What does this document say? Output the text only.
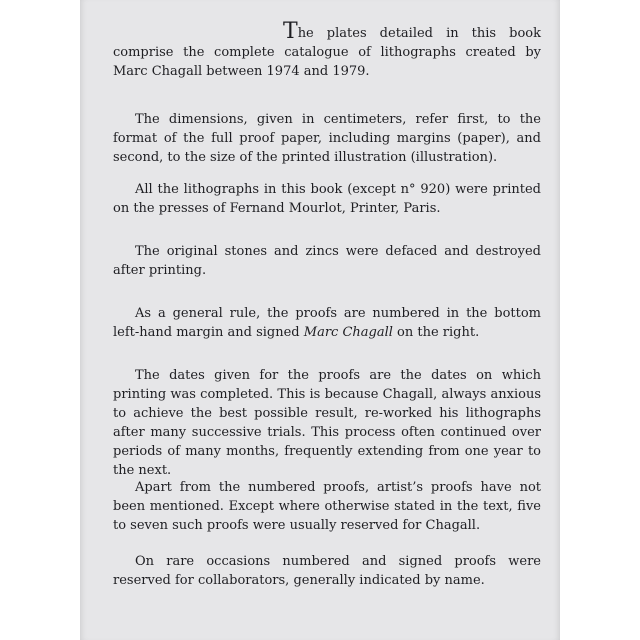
The plates detailed in this book comprise the complete catalogue of lithographs created by Marc Chagall between 1974 and 1979.

The dimensions, given in centimeters, refer first, to the format of the full proof paper, including margins (paper), and second, to the size of the printed illustration (illustration).

All the lithographs in this book (except n° 920) were printed on the presses of Fernand Mourlot, Printer, Paris.

The original stones and zincs were defaced and destroyed after printing.

As a general rule, the proofs are numbered in the bottom left-hand margin and signed Marc Chagall on the right.

The dates given for the proofs are the dates on which printing was completed. This is because Chagall, always anxious to achieve the best possible result, re-worked his lithographs after many successive trials. This process often continued over periods of many months, frequently extending from one year to the next.

Apart from the numbered proofs, artist’s proofs have not been mentioned. Except where otherwise stated in the text, five to seven such proofs were usually reserved for Chagall.

On rare occasions numbered and signed proofs were reserved for collaborators, generally indicated by name.
